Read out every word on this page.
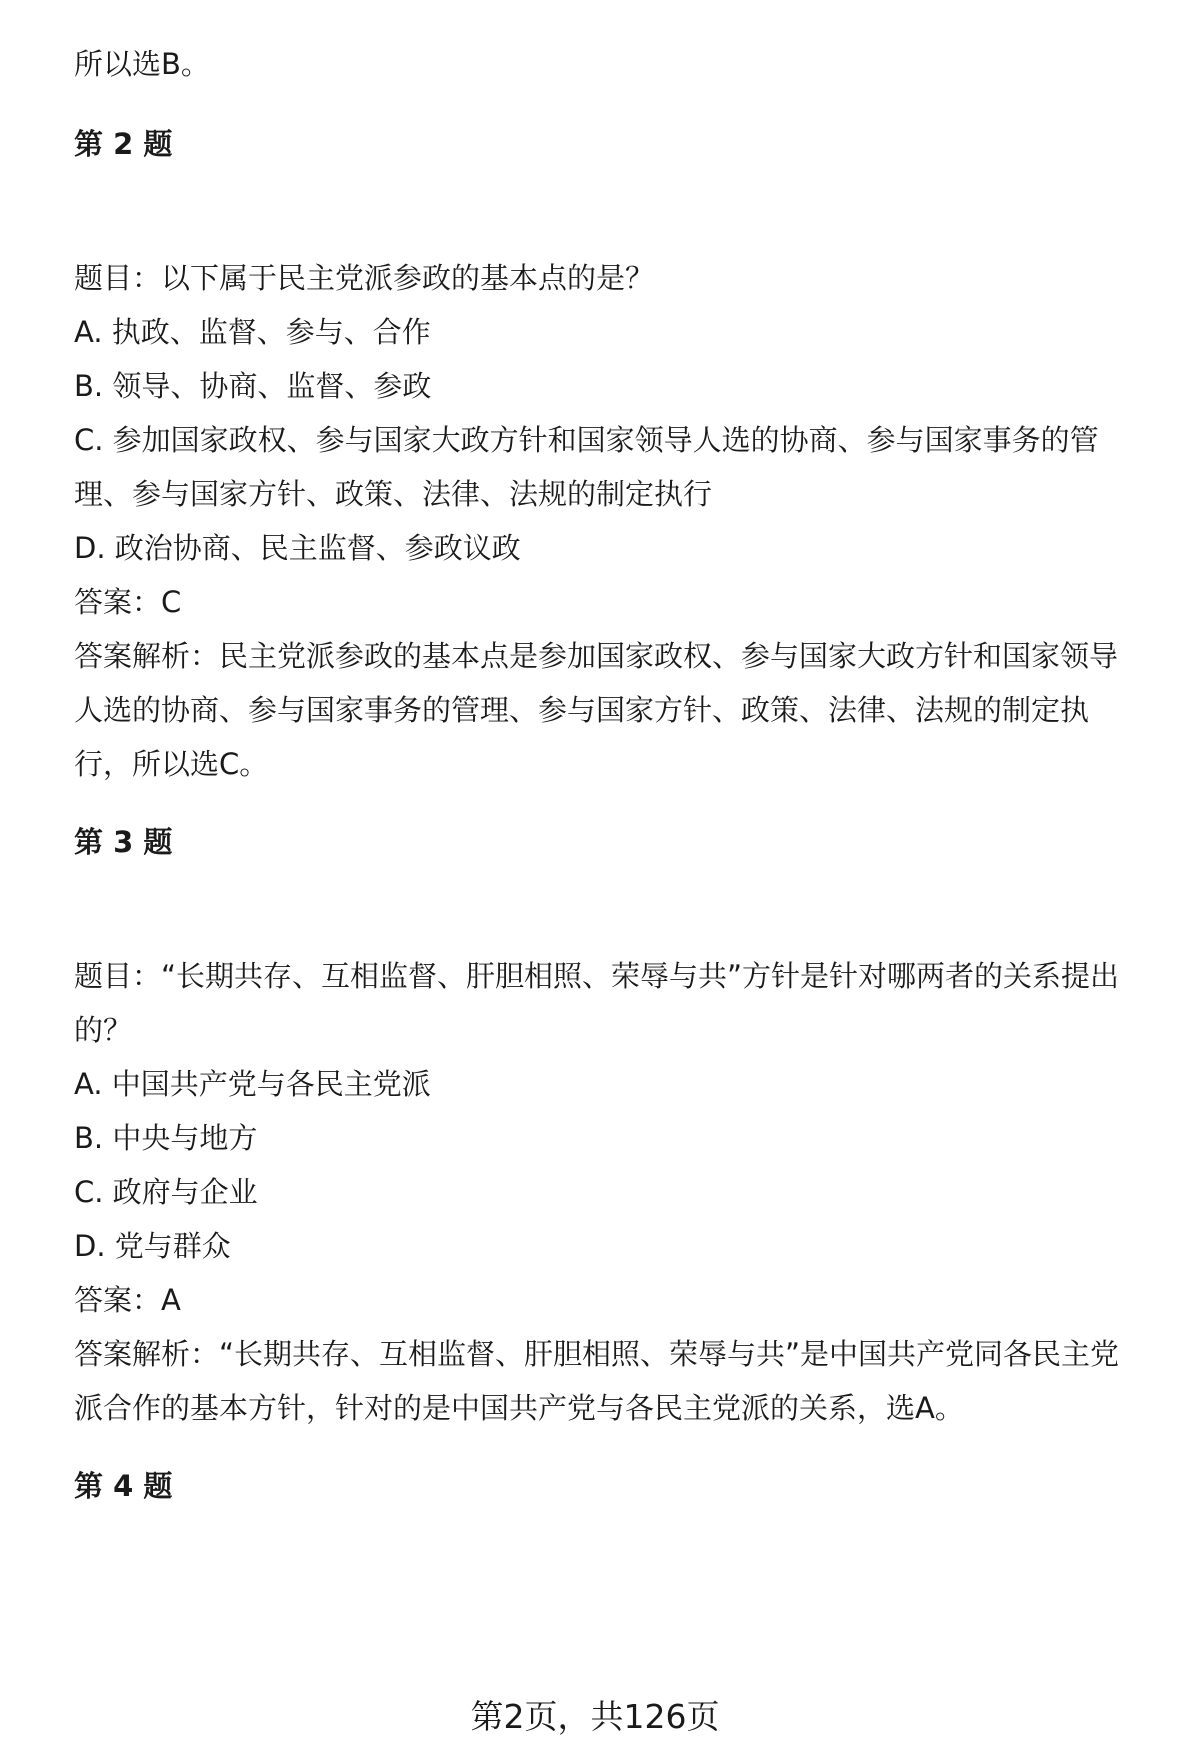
所以选B。
第 2 题
题目：以下属于民主党派参政的基本点的是？
A. 执政、监督、参与、合作
B. 领导、协商、监督、参政
C. 参加国家政权、参与国家大政方针和国家领导人选的协商、参与国家事务的管
理、参与国家方针、政策、法律、法规的制定执行
D. 政治协商、民主监督、参政议政
答案：C
答案解析：民主党派参政的基本点是参加国家政权、参与国家大政方针和国家领导
人选的协商、参与国家事务的管理、参与国家方针、政策、法律、法规的制定执
行，所以选C。
第 3 题
题目：“长期共存、互相监督、肝胆相照、荣辱与共”方针是针对哪两者的关系提出
的？
A. 中国共产党与各民主党派
B. 中央与地方
C. 政府与企业
D. 党与群众
答案：A
答案解析：“长期共存、互相监督、肝胆相照、荣辱与共”是中国共产党同各民主党
派合作的基本方针，针对的是中国共产党与各民主党派的关系，选A。
第 4 题
第2页，共126页
